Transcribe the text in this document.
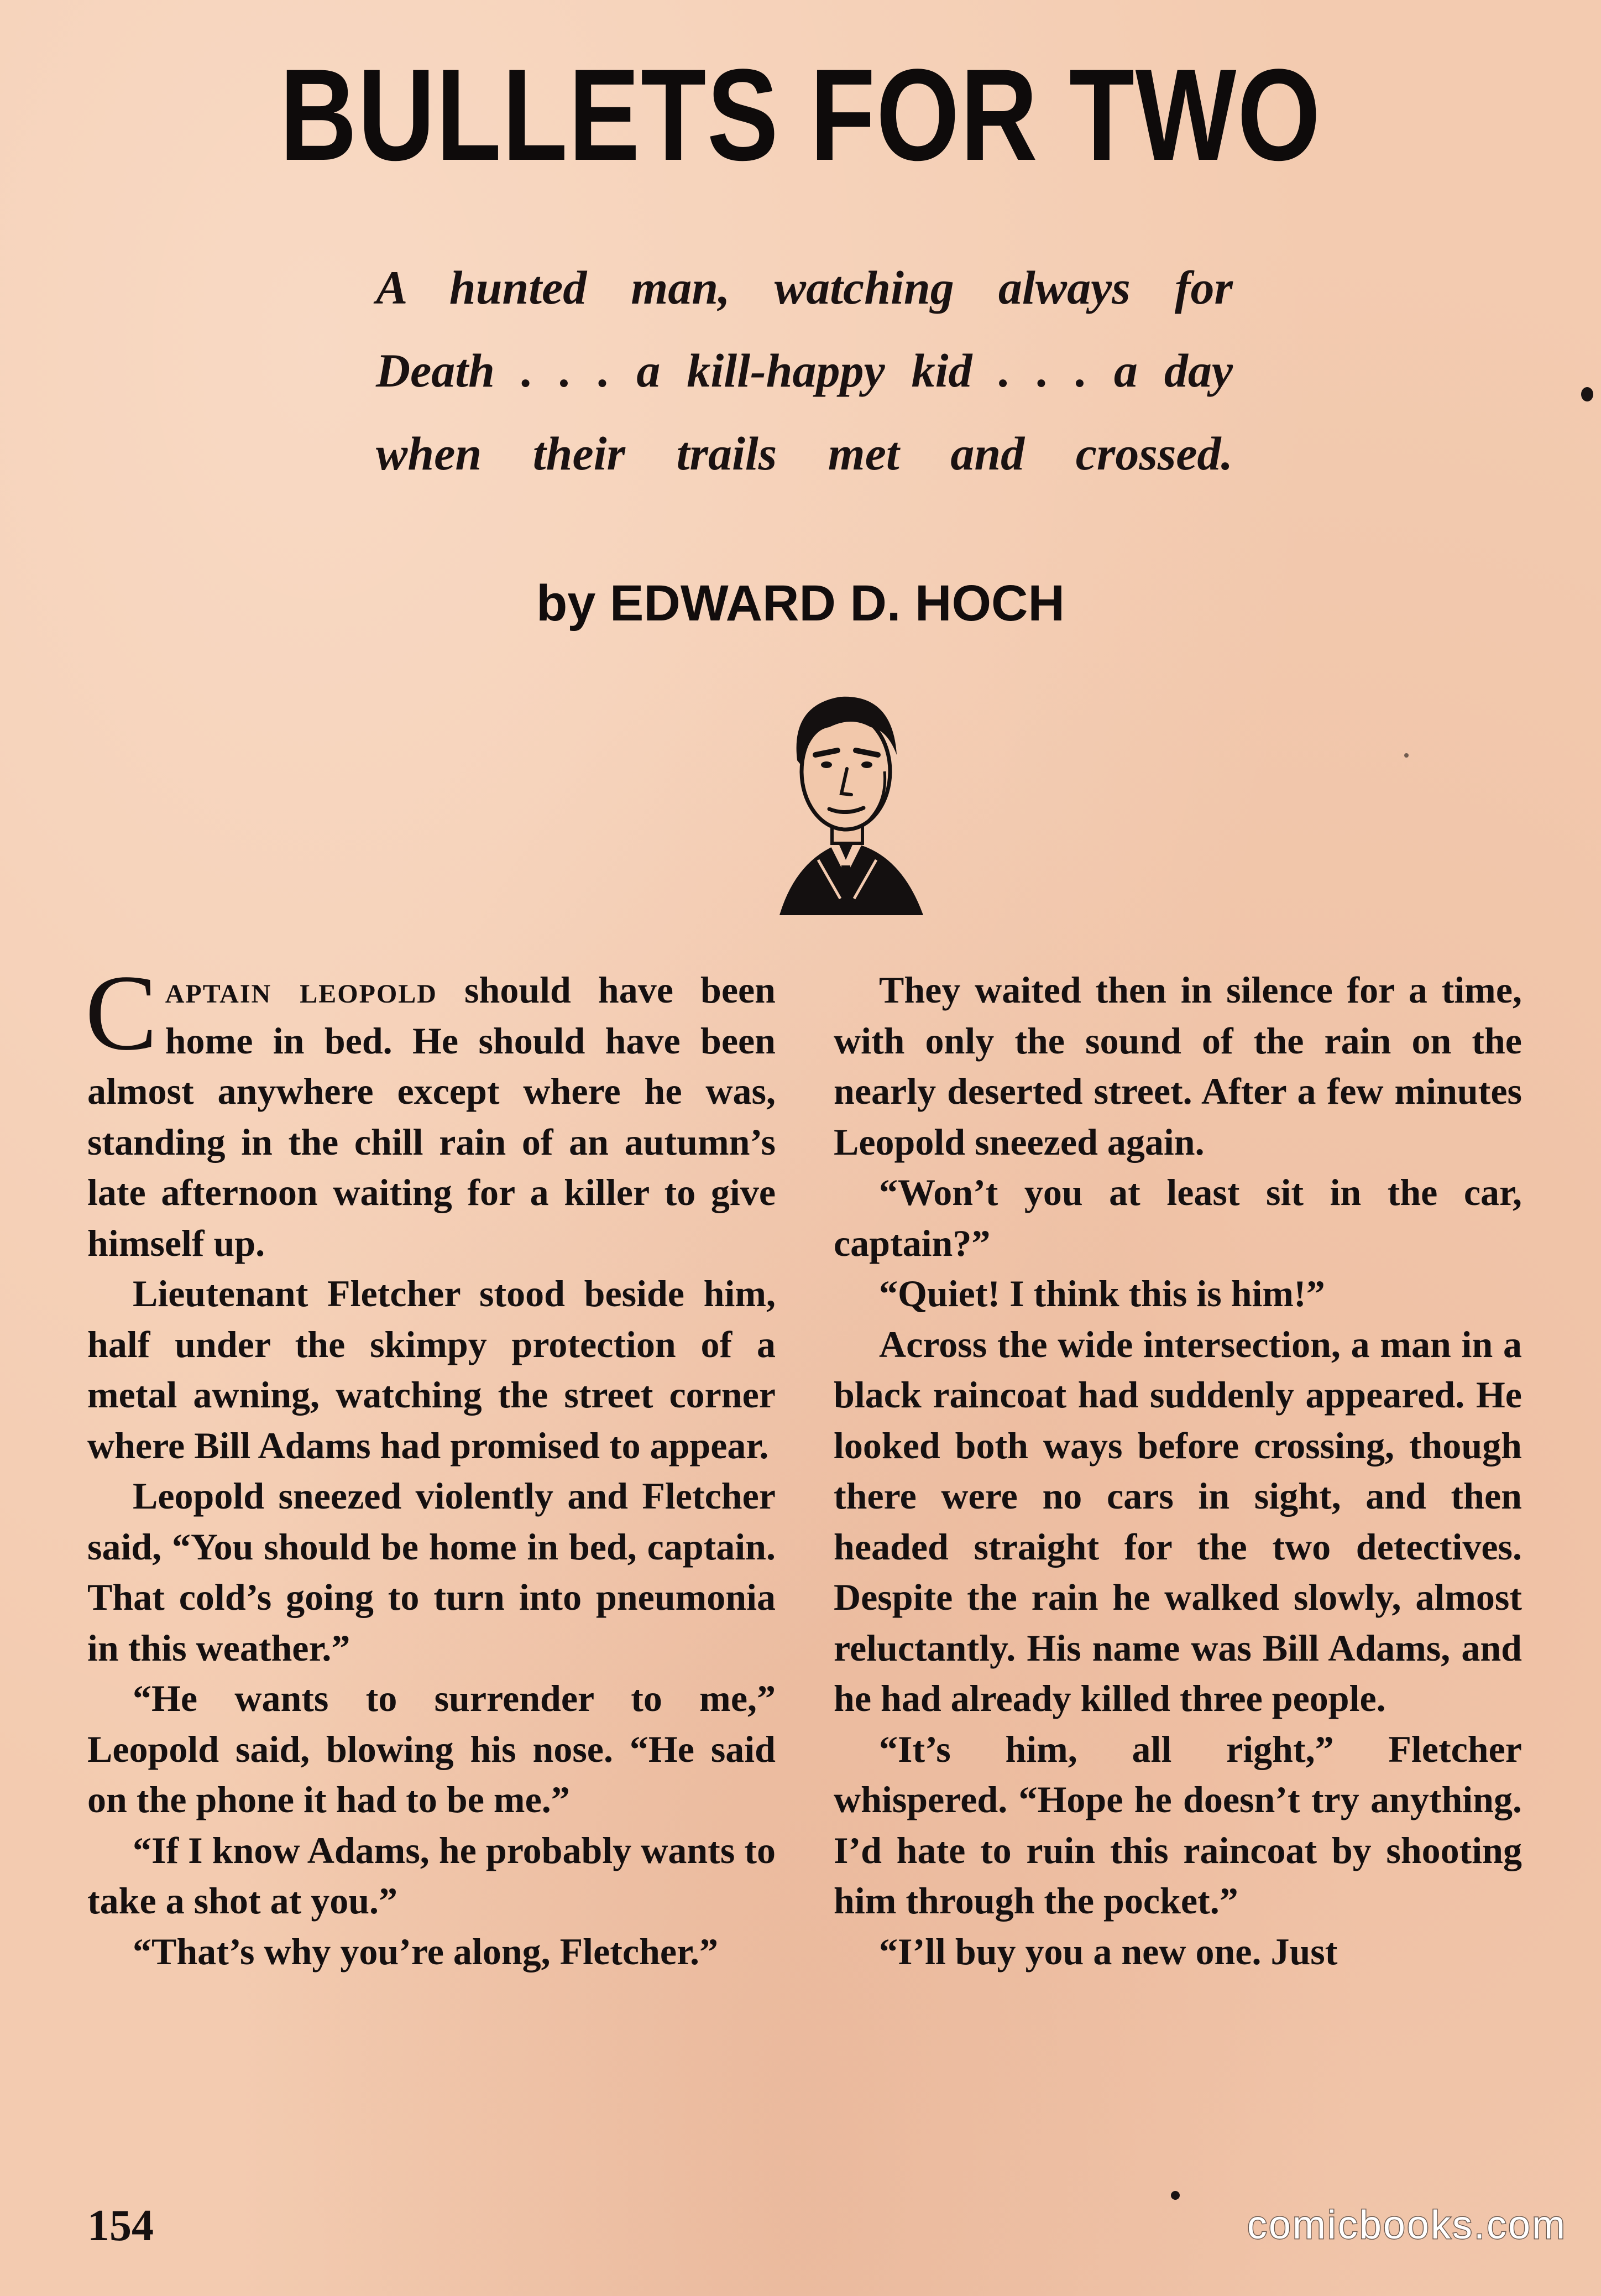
BULLETS FOR TWO
A hunted man, watching always for
Death . . . a kill-happy kid . . . a day
when their trails met and crossed.
by EDWARD D. HOCH

Captain leopold should have been home in bed. He should have been almost anywhere except where he was, standing in the chill rain of an autumn’s late afternoon waiting for a killer to give himself up.

Lieutenant Fletcher stood beside him, half under the skimpy protection of a metal awning, watching the street corner where Bill Adams had promised to appear.

Leopold sneezed violently and Fletcher said, “You should be home in bed, captain. That cold’s going to turn into pneumonia in this weather.”

“He wants to surrender to me,” Leopold said, blowing his nose. “He said on the phone it had to be me.”

“If I know Adams, he probably wants to take a shot at you.”

“That’s why you’re along, Fletcher.”

They waited then in silence for a time, with only the sound of the rain on the nearly deserted street. After a few minutes Leopold sneezed again.

“Won’t you at least sit in the car, captain?”

“Quiet! I think this is him!”

Across the wide intersection, a man in a black raincoat had suddenly appeared. He looked both ways before crossing, though there were no cars in sight, and then headed straight for the two detectives. Despite the rain he walked slowly, almost reluctantly. His name was Bill Adams, and he had already killed three people.

“It’s him, all right,” Fletcher whispered. “Hope he doesn’t try anything. I’d hate to ruin this raincoat by shooting him through the pocket.”

“I’ll buy you a new one. Just

154	comicbooks.com
